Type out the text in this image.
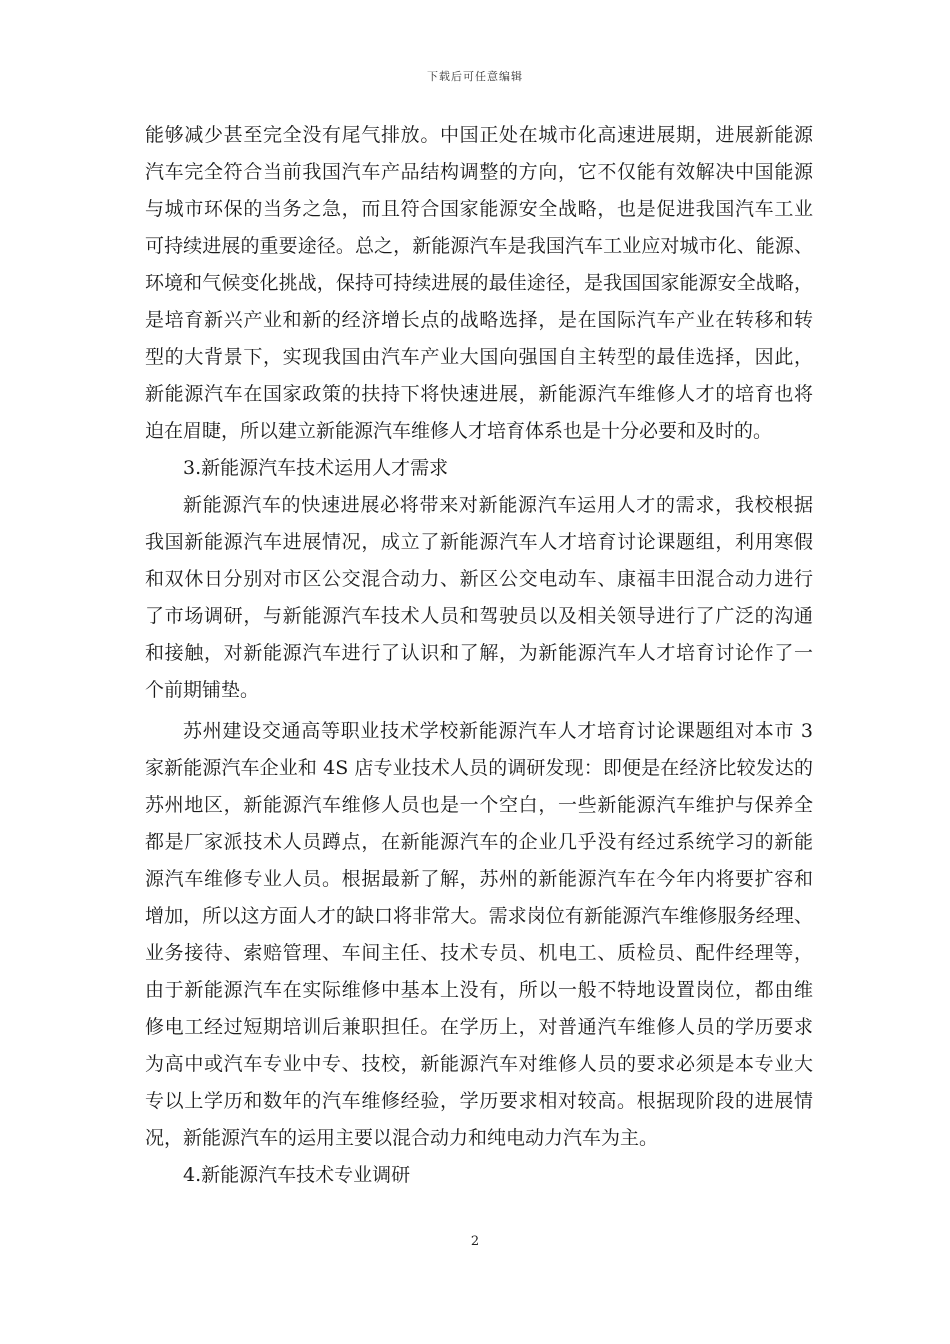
下载后可任意编辑
能够减少甚至完全没有尾气排放。中国正处在城市化高速进展期，进展新能源
汽车完全符合当前我国汽车产品结构调整的方向，它不仅能有效解决中国能源
与城市环保的当务之急，而且符合国家能源安全战略，也是促进我国汽车工业
可持续进展的重要途径。总之，新能源汽车是我国汽车工业应对城市化、能源、
环境和气候变化挑战，保持可持续进展的最佳途径，是我国国家能源安全战略，
是培育新兴产业和新的经济增长点的战略选择，是在国际汽车产业在转移和转
型的大背景下，实现我国由汽车产业大国向强国自主转型的最佳选择，因此，
新能源汽车在国家政策的扶持下将快速进展，新能源汽车维修人才的培育也将
迫在眉睫，所以建立新能源汽车维修人才培育体系也是十分必要和及时的。
3.新能源汽车技术运用人才需求
新能源汽车的快速进展必将带来对新能源汽车运用人才的需求，我校根据
我国新能源汽车进展情况，成立了新能源汽车人才培育讨论课题组，利用寒假
和双休日分别对市区公交混合动力、新区公交电动车、康福丰田混合动力进行
了市场调研，与新能源汽车技术人员和驾驶员以及相关领导进行了广泛的沟通
和接触，对新能源汽车进行了认识和了解，为新能源汽车人才培育讨论作了一
个前期铺垫。
苏州建设交通高等职业技术学校新能源汽车人才培育讨论课题组对本市 3
家新能源汽车企业和 4S 店专业技术人员的调研发现：即便是在经济比较发达的
苏州地区，新能源汽车维修人员也是一个空白，一些新能源汽车维护与保养全
都是厂家派技术人员蹲点，在新能源汽车的企业几乎没有经过系统学习的新能
源汽车维修专业人员。根据最新了解，苏州的新能源汽车在今年内将要扩容和
增加，所以这方面人才的缺口将非常大。需求岗位有新能源汽车维修服务经理、
业务接待、索赔管理、车间主任、技术专员、机电工、质检员、配件经理等，
由于新能源汽车在实际维修中基本上没有，所以一般不特地设置岗位，都由维
修电工经过短期培训后兼职担任。在学历上，对普通汽车维修人员的学历要求
为高中或汽车专业中专、技校，新能源汽车对维修人员的要求必须是本专业大
专以上学历和数年的汽车维修经验，学历要求相对较高。根据现阶段的进展情
况，新能源汽车的运用主要以混合动力和纯电动力汽车为主。
4.新能源汽车技术专业调研
2
